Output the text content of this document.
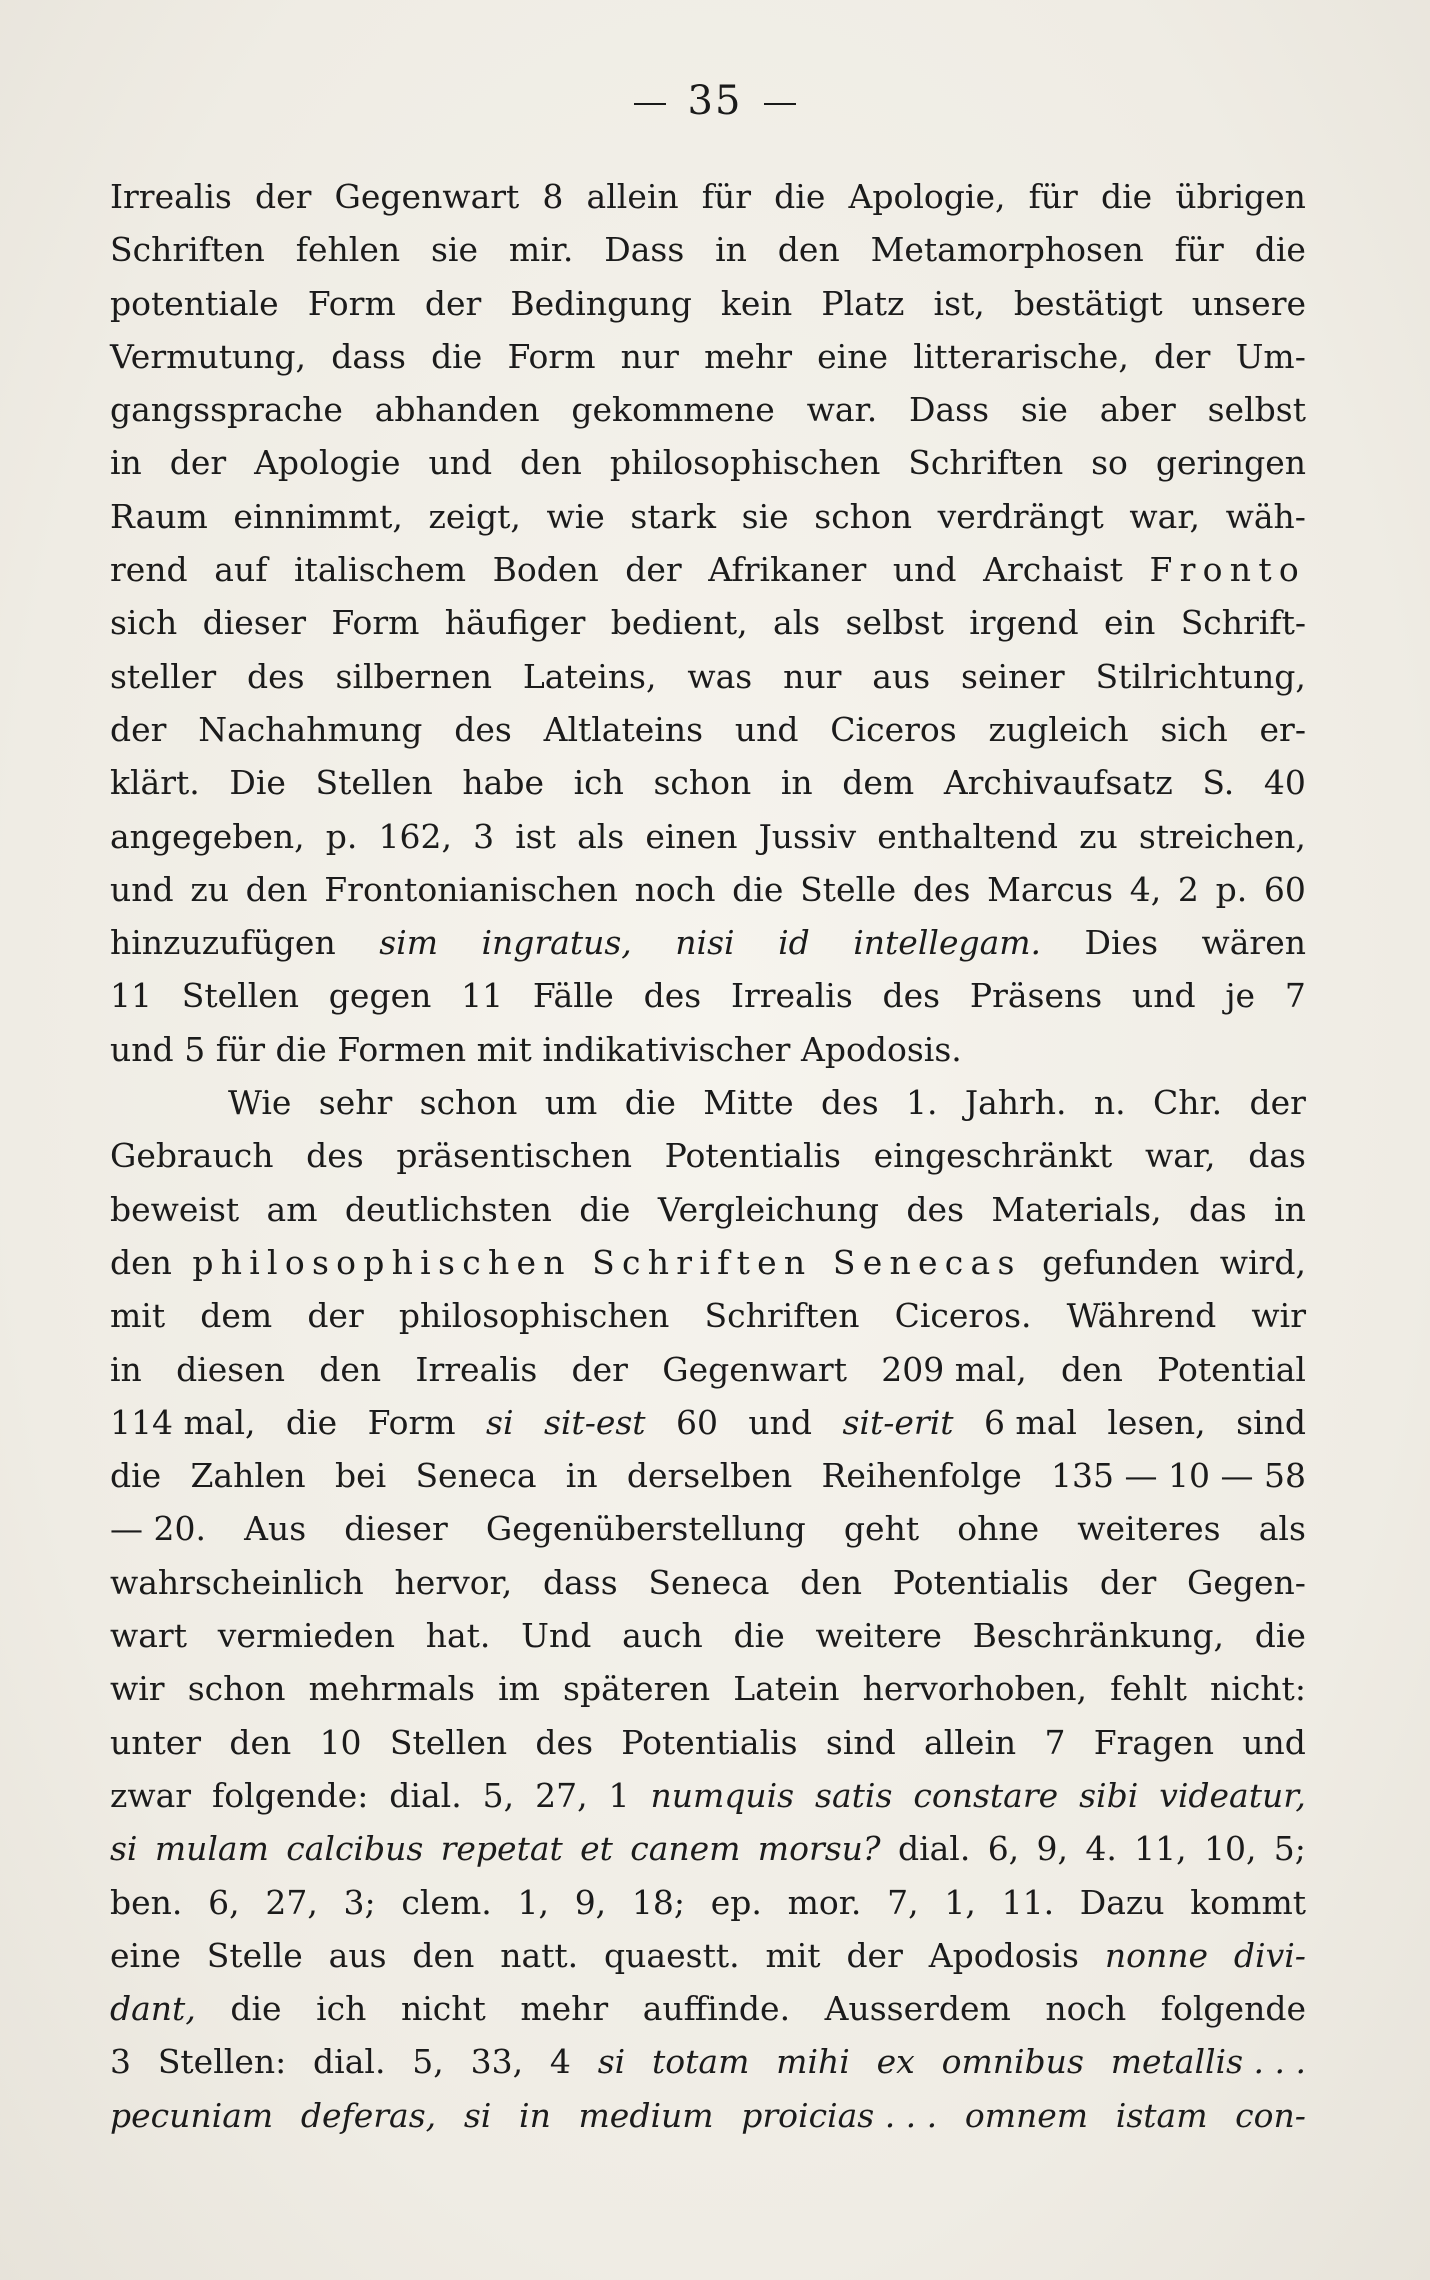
35
Irrealis der Gegenwart 8 allein für die Apologie, für die übrigen
Schriften fehlen sie mir. Dass in den Metamorphosen für die
potentiale Form der Bedingung kein Platz ist, bestätigt unsere
Vermutung, dass die Form nur mehr eine litterarische, der Um-
gangssprache abhanden gekommene war. Dass sie aber selbst
in der Apologie und den philosophischen Schriften so geringen
Raum einnimmt, zeigt, wie stark sie schon verdrängt war, wäh-
rend auf italischem Boden der Afrikaner und Archaist Fronto
sich dieser Form häufiger bedient, als selbst irgend ein Schrift-
steller des silbernen Lateins, was nur aus seiner Stilrichtung,
der Nachahmung des Altlateins und Ciceros zugleich sich er-
klärt. Die Stellen habe ich schon in dem Archivaufsatz S. 40
angegeben, p. 162, 3 ist als einen Jussiv enthaltend zu streichen,
und zu den Frontonianischen noch die Stelle des Marcus 4, 2 p. 60
hinzuzufügen sim ingratus, nisi id intellegam. Dies wären
11 Stellen gegen 11 Fälle des Irrealis des Präsens und je 7
und 5 für die Formen mit indikativischer Apodosis.
Wie sehr schon um die Mitte des 1. Jahrh. n. Chr. der
Gebrauch des präsentischen Potentialis eingeschränkt war, das
beweist am deutlichsten die Vergleichung des Materials, das in
den philosophischen Schriften Senecas gefunden wird,
mit dem der philosophischen Schriften Ciceros. Während wir
in diesen den Irrealis der Gegenwart 209 mal, den Potential
114 mal, die Form si sit-est 60 und sit-erit 6 mal lesen, sind
die Zahlen bei Seneca in derselben Reihenfolge 135 — 10 — 58
— 20. Aus dieser Gegenüberstellung geht ohne weiteres als
wahrscheinlich hervor, dass Seneca den Potentialis der Gegen-
wart vermieden hat. Und auch die weitere Beschränkung, die
wir schon mehrmals im späteren Latein hervorhoben, fehlt nicht:
unter den 10 Stellen des Potentialis sind allein 7 Fragen und
zwar folgende: dial. 5, 27, 1 numquis satis constare sibi videatur,
si mulam calcibus repetat et canem morsu? dial. 6, 9, 4. 11, 10, 5;
ben. 6, 27, 3; clem. 1, 9, 18; ep. mor. 7, 1, 11. Dazu kommt
eine Stelle aus den natt. quaestt. mit der Apodosis nonne divi-
dant, die ich nicht mehr auffinde. Ausserdem noch folgende
3 Stellen: dial. 5, 33, 4 si totam mihi ex omnibus metallis . . .
pecuniam deferas, si in medium proicias . . . omnem istam con-
